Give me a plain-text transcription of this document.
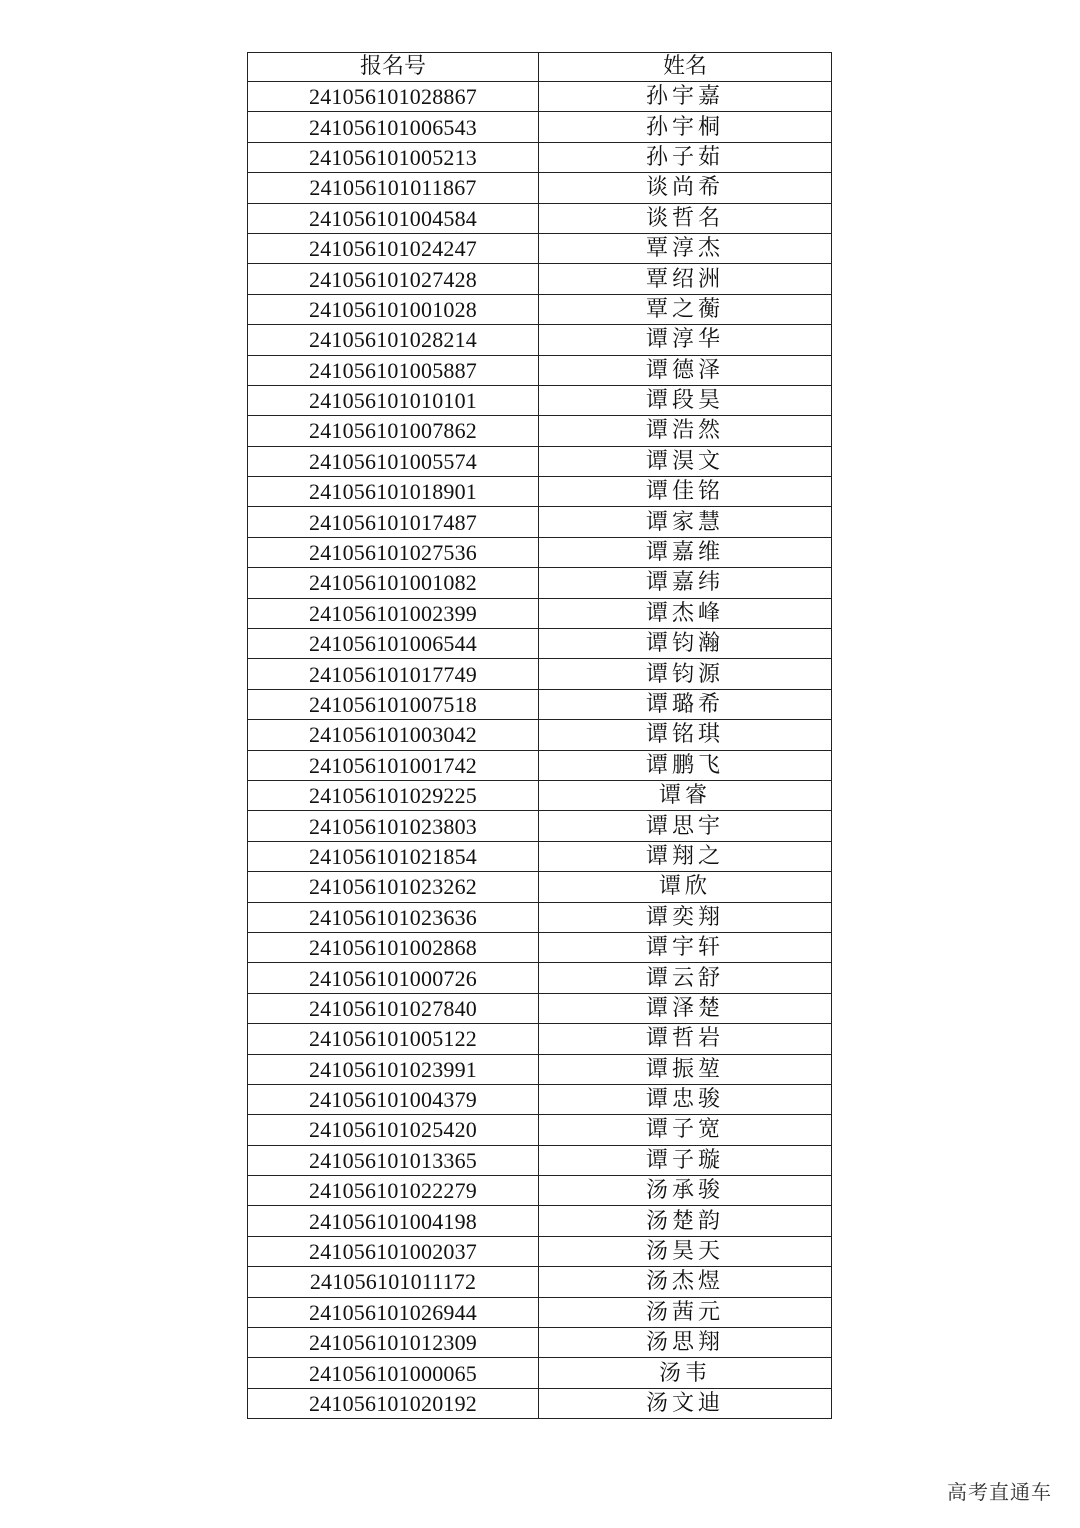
报名号	姓名
241056101028867	孙宇嘉
241056101006543	孙宇桐
241056101005213	孙子茹
241056101011867	谈尚希
241056101004584	谈哲名
241056101024247	覃淳杰
241056101027428	覃绍洲
241056101001028	覃之蘅
241056101028214	谭淳华
241056101005887	谭德泽
241056101010101	谭段昊
241056101007862	谭浩然
241056101005574	谭淏文
241056101018901	谭佳铭
241056101017487	谭家慧
241056101027536	谭嘉维
241056101001082	谭嘉纬
241056101002399	谭杰峰
241056101006544	谭钧瀚
241056101017749	谭钧源
241056101007518	谭璐希
241056101003042	谭铭琪
241056101001742	谭鹏飞
241056101029225	谭睿
241056101023803	谭思宇
241056101021854	谭翔之
241056101023262	谭欣
241056101023636	谭奕翔
241056101002868	谭宇轩
241056101000726	谭云舒
241056101027840	谭泽楚
241056101005122	谭哲岩
241056101023991	谭振堃
241056101004379	谭忠骏
241056101025420	谭子宽
241056101013365	谭子璇
241056101022279	汤承骏
241056101004198	汤楚韵
241056101002037	汤昊天
241056101011172	汤杰煜
241056101026944	汤茜元
241056101012309	汤思翔
241056101000065	汤韦
241056101020192	汤文迪
高考直通车
